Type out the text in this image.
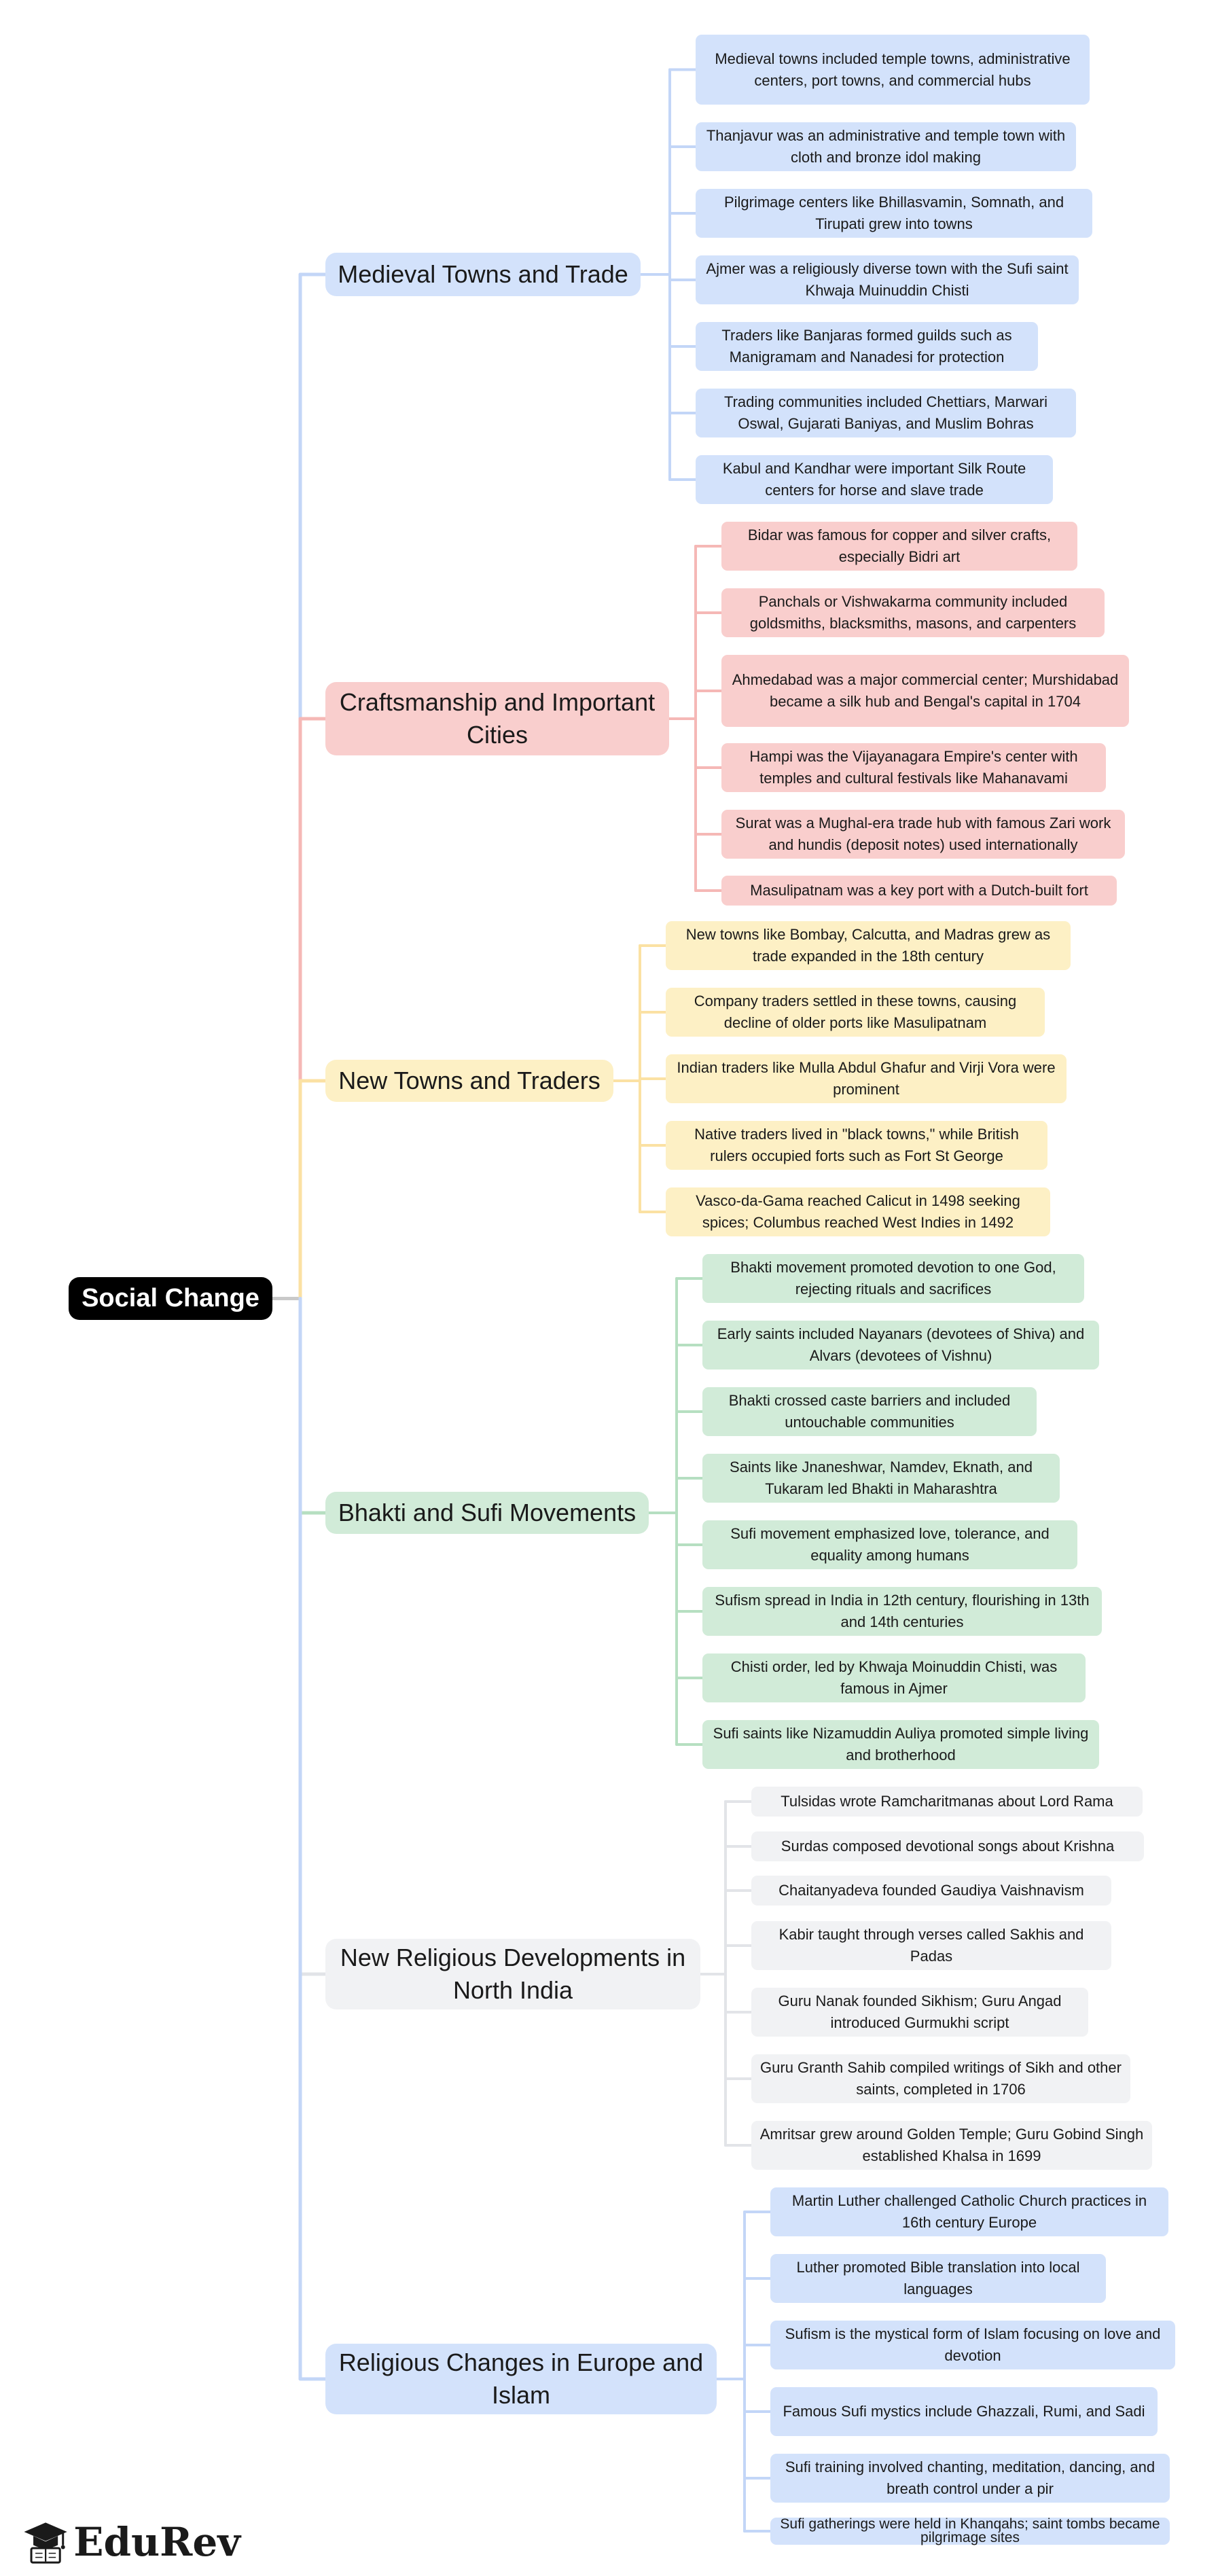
Social Change
Medieval Towns and Trade
Medieval towns included temple towns, administrative centers, port towns, and commercial hubs
Thanjavur was an administrative and temple town with cloth and bronze idol making
Pilgrimage centers like Bhillasvamin, Somnath, and Tirupati grew into towns
Ajmer was a religiously diverse town with the Sufi saint Khwaja Muinuddin Chisti
Traders like Banjaras formed guilds such as Manigramam and Nanadesi for protection
Trading communities included Chettiars, Marwari Oswal, Gujarati Baniyas, and Muslim Bohras
Kabul and Kandhar were important Silk Route centers for horse and slave trade
Craftsmanship and Important Cities
Bidar was famous for copper and silver crafts, especially Bidri art
Panchals or Vishwakarma community included goldsmiths, blacksmiths, masons, and carpenters
Ahmedabad was a major commercial center; Murshidabad became a silk hub and Bengal's capital in 1704
Hampi was the Vijayanagara Empire's center with temples and cultural festivals like Mahanavami
Surat was a Mughal-era trade hub with famous Zari work and hundis (deposit notes) used internationally
Masulipatnam was a key port with a Dutch-built fort
New Towns and Traders
New towns like Bombay, Calcutta, and Madras grew as trade expanded in the 18th century
Company traders settled in these towns, causing decline of older ports like Masulipatnam
Indian traders like Mulla Abdul Ghafur and Virji Vora were prominent
Native traders lived in "black towns," while British rulers occupied forts such as Fort St George
Vasco-da-Gama reached Calicut in 1498 seeking spices; Columbus reached West Indies in 1492
Bhakti and Sufi Movements
Bhakti movement promoted devotion to one God, rejecting rituals and sacrifices
Early saints included Nayanars (devotees of Shiva) and Alvars (devotees of Vishnu)
Bhakti crossed caste barriers and included untouchable communities
Saints like Jnaneshwar, Namdev, Eknath, and Tukaram led Bhakti in Maharashtra
Sufi movement emphasized love, tolerance, and equality among humans
Sufism spread in India in 12th century, flourishing in 13th and 14th centuries
Chisti order, led by Khwaja Moinuddin Chisti, was famous in Ajmer
Sufi saints like Nizamuddin Auliya promoted simple living and brotherhood
New Religious Developments in North India
Tulsidas wrote Ramcharitmanas about Lord Rama
Surdas composed devotional songs about Krishna
Chaitanyadeva founded Gaudiya Vaishnavism
Kabir taught through verses called Sakhis and Padas
Guru Nanak founded Sikhism; Guru Angad introduced Gurmukhi script
Guru Granth Sahib compiled writings of Sikh and other saints, completed in 1706
Amritsar grew around Golden Temple; Guru Gobind Singh established Khalsa in 1699
Religious Changes in Europe and Islam
Martin Luther challenged Catholic Church practices in 16th century Europe
Luther promoted Bible translation into local languages
Sufism is the mystical form of Islam focusing on love and devotion
Famous Sufi mystics include Ghazzali, Rumi, and Sadi
Sufi training involved chanting, meditation, dancing, and breath control under a pir
Sufi gatherings were held in Khanqahs; saint tombs became pilgrimage sites
EduRev
